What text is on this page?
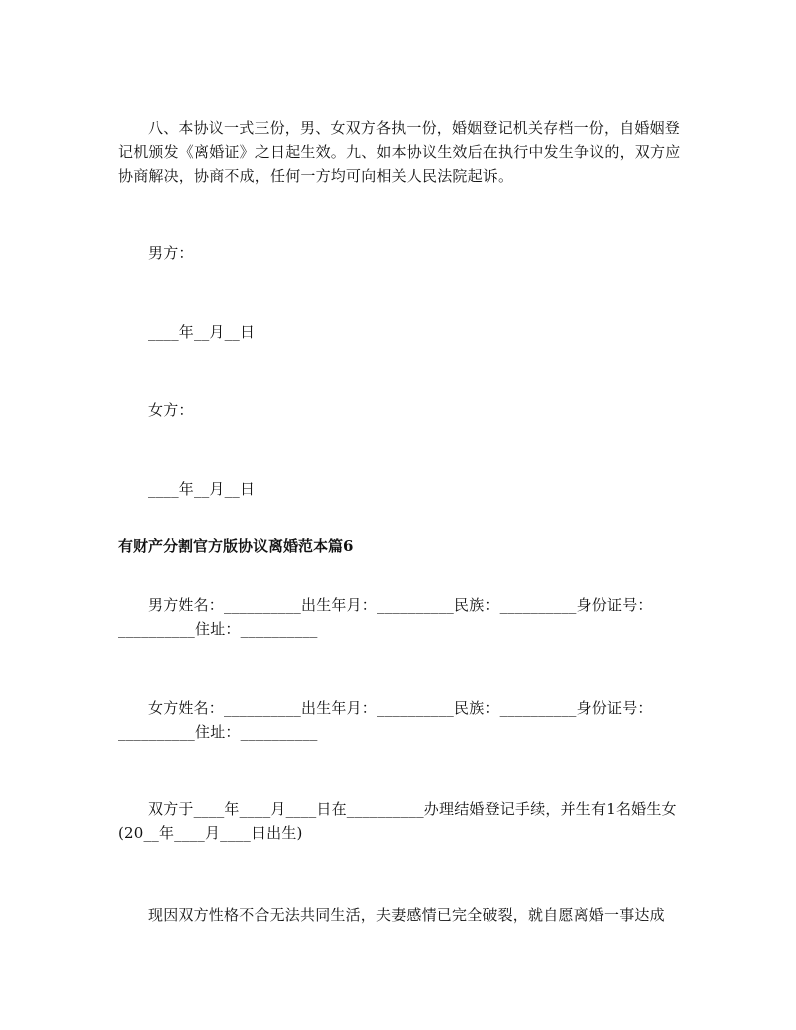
八、本协议一式三份，男、女双方各执一份，婚姻登记机关存档一份，自婚姻登记机颁发《离婚证》之日起生效。九、如本协议生效后在执行中发生争议的，双方应协商解决，协商不成，任何一方均可向相关人民法院起诉。

男方：

____年__月__日

女方：

____年__月__日

有财产分割官方版协议离婚范本篇6

男方姓名：__________出生年月：__________民族：__________身份证号：__________住址：__________

女方姓名：__________出生年月：__________民族：__________身份证号：__________住址：__________

双方于____年____月____日在__________办理结婚登记手续，并生有1名婚生女(20__年____月____日出生)

现因双方性格不合无法共同生活，夫妻感情已完全破裂，就自愿离婚一事达成
